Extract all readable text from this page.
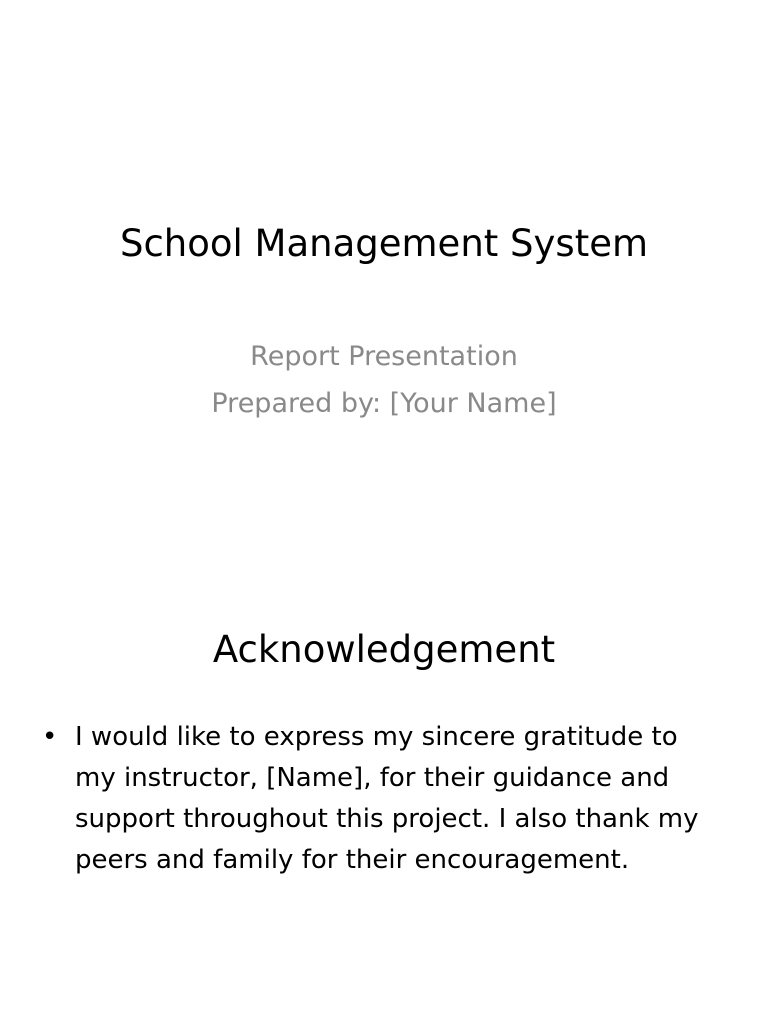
School Management System
Report Presentation
Prepared by: [Your Name]
Acknowledgement
• I would like to express my sincere gratitude to my instructor, [Name], for their guidance and support throughout this project. I also thank my peers and family for their encouragement.
